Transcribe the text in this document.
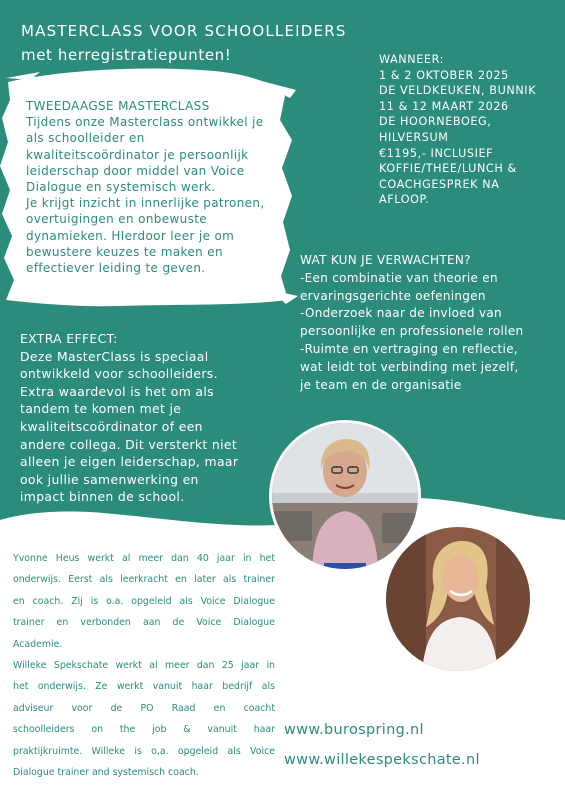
MASTERCLASS VOOR SCHOOLLEIDERS
met herregistratiepunten!
TWEEDAAGSE MASTERCLASS
Tijdens onze Masterclass ontwikkel je
als schoolleider en
kwaliteitscoördinator je persoonlijk
leiderschap door middel van Voice
Dialogue en systemisch werk.
Je krijgt inzicht in innerlijke patronen,
overtuigingen en onbewuste
dynamieken. HIerdoor leer je om
bewustere keuzes te maken en
effectiever leiding te geven.
WANNEER:
1 & 2 OKTOBER 2025
DE VELDKEUKEN, BUNNIK
11 & 12 MAART 2026
DE HOORNEBOEG,
HILVERSUM
€1195,- INCLUSIEF
KOFFIE/THEE/LUNCH &
COACHGESPREK NA
AFLOOP.
WAT KUN JE VERWACHTEN?
-Een combinatie van theorie en
ervaringsgerichte oefeningen
-Onderzoek naar de invloed van
persoonlijke en professionele rollen
-Ruimte en vertraging en reflectie,
wat leidt tot verbinding met jezelf,
je team en de organisatie
EXTRA EFFECT:
Deze MasterClass is speciaal
ontwikkeld voor schoolleiders.
Extra waardevol is het om als
tandem te komen met je
kwaliteitscoördinator of een
andere collega. Dit versterkt niet
alleen je eigen leiderschap, maar
ook jullie samenwerking en
impact binnen de school.
Yvonne Heus werkt al meer dan 40 jaar in het
onderwijs. Eerst als leerkracht en later als trainer
en coach. Zij is o.a. opgeleid als Voice Dialogue
trainer en verbonden aan de Voice Dialogue
Academie.
Willeke Spekschate werkt al meer dan 25 jaar in
het onderwijs. Ze werkt vanuit haar bedrijf als
adviseur voor de PO Raad en coacht
schoolleiders on the job & vanuit haar
praktijkruimte. Willeke is o,a. opgeleid als Voice
Dialogue trainer and systemisch coach.
www.burospring.nl
www.willekespekschate.nl
